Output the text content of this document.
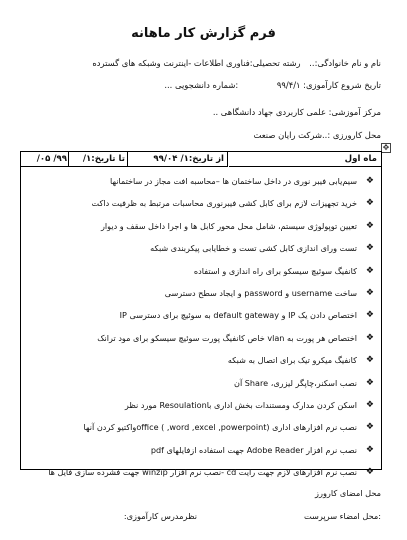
فرم گزارش کار ماهانه
نام و نام خانوادگی:.. رشته تحصیلی:فناوری اطلاعات -اینترنت وشبکه های گسترده
تاریخ شروع کارآموزی: ۹۹/۴/۱ :شماره دانشجویی ...
مرکز آموزشی: علمی کاربردی جهاد دانشگاهی ..
محل کارورزی :..شرکت رایان صنعت
✥
ماه اول
از تاریخ:۱/ ۹۹/۰۴
تا تاریخ:۱/
۹۹/ ۰۵/
❖
سیم‌یابی فیبر نوری در داخل ساختمان ها –محاسبه افت مجاز در ساختمانها
❖
خرید تجهیزات لازم برای کابل کشی فیبرنوری محاسبات مرتبط به ظرفیت داکت
❖
تعیین توپولوژی سیستم، شامل محل محور کابل ها و اجرا داخل سقف و دیوار
❖
تست ورای اندازی کابل کشی تست و خطایابی پیکربندی شبکه
❖
کانفیگ سوئیچ سیسکو برای راه اندازی و استفاده
❖
ساخت username و password و ایجاد سطح دسترسی
❖
اختصاص دادن یک IP و default gateway به سوئیچ برای دسترسی IP
❖
اختصاص هر پورت به vlan خاص کانفیگ پورت سوئیچ سیسکو برای مود ترانک
❖
کانفیگ میکرو تیک برای اتصال به شبکه
❖
نصب اسکنر،چاپگر لیزری، Share آن
❖
اسکن کردن مدارک ومستندات بخش اداری باResoulation مورد نظر
❖
نصب نرم افزارهای اداری office ( ,word ,excel ,powerpoint)واکتیو کردن آنها
❖
نصب نرم افزار Adobe Reader جهت استفاده ازفایلهای pdf
❖
نصب نرم افزارهای لازم جهت رایت cd -نصب نرم افزار winzip جهت فشرده سازی فایل ها
محل امضای کارورز
:محل امضاء سرپرست
نظرمدرس کارآموزی:
